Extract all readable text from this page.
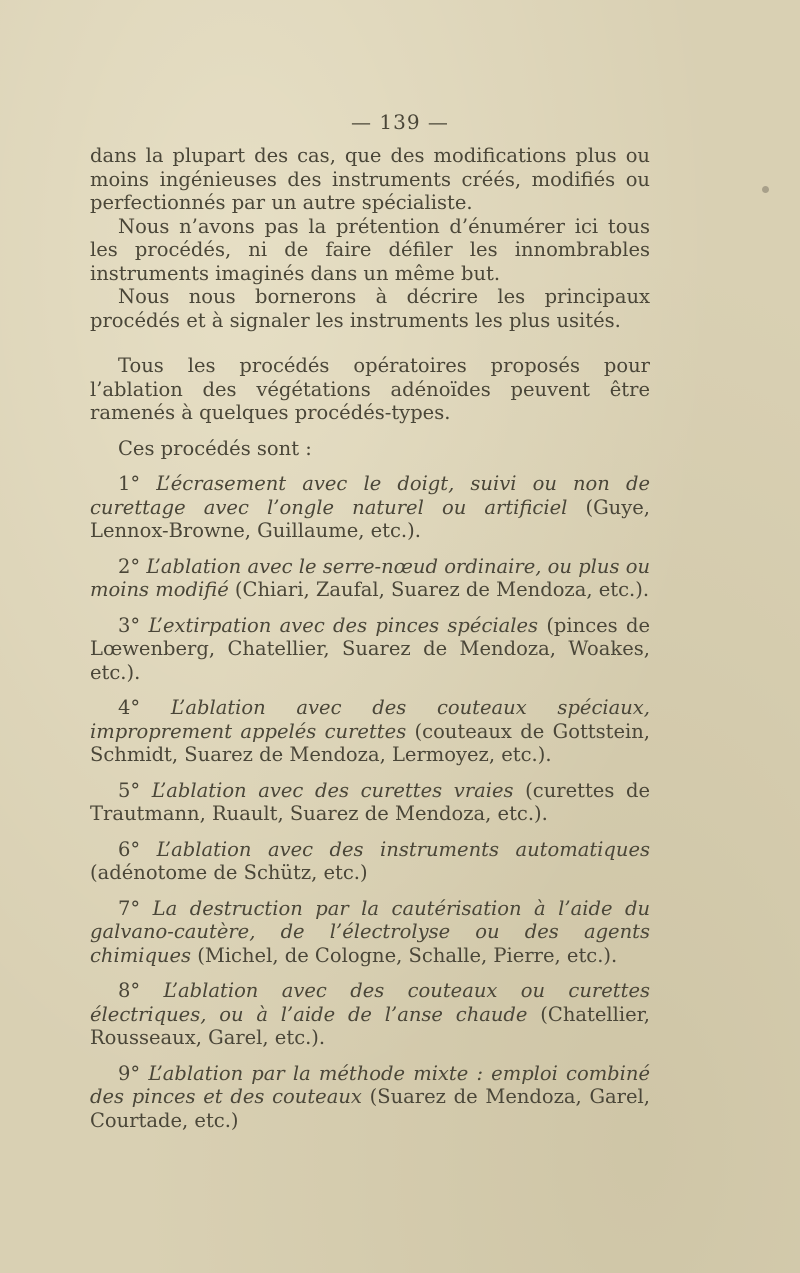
— 139 —

dans la plupart des cas, que des modifications plus ou moins ingénieuses des instruments créés, modifiés ou perfectionnés par un autre spécialiste.

Nous n’avons pas la prétention d’énumérer ici tous les procédés, ni de faire défiler les innombrables instruments imaginés dans un même but.

Nous nous bornerons à décrire les principaux procédés et à signaler les instruments les plus usités.

Tous les procédés opératoires proposés pour l’ablation des végétations adénoïdes peuvent être ramenés à quelques procédés-types.

Ces procédés sont :

1° L’écrasement avec le doigt, suivi ou non de curettage avec l’ongle naturel ou artificiel (Guye, Lennox-Browne, Guillaume, etc.).

2° L’ablation avec le serre-nœud ordinaire, ou plus ou moins modifié (Chiari, Zaufal, Suarez de Mendoza, etc.).

3° L’extirpation avec des pinces spéciales (pinces de Lœwenberg, Chatellier, Suarez de Mendoza, Woakes, etc.).

4° L’ablation avec des couteaux spéciaux, improprement appelés curettes (couteaux de Gottstein, Schmidt, Suarez de Mendoza, Lermoyez, etc.).

5° L’ablation avec des curettes vraies (curettes de Trautmann, Ruault, Suarez de Mendoza, etc.).

6° L’ablation avec des instruments automatiques (adénotome de Schütz, etc.)

7° La destruction par la cautérisation à l’aide du galvano-cautère, de l’électrolyse ou des agents chimiques (Michel, de Cologne, Schalle, Pierre, etc.).

8° L’ablation avec des couteaux ou curettes électriques, ou à l’aide de l’anse chaude (Chatellier, Rousseaux, Garel, etc.).

9° L’ablation par la méthode mixte : emploi combiné des pinces et des couteaux (Suarez de Mendoza, Garel, Courtade, etc.)
